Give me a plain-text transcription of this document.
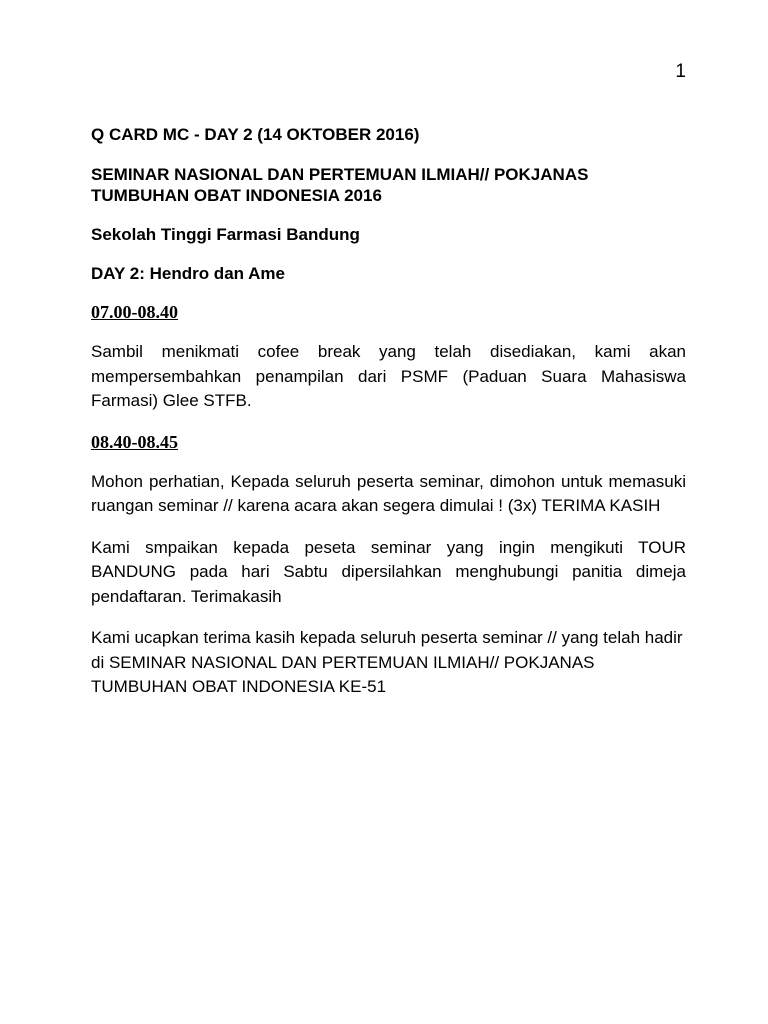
1

Q CARD MC - DAY 2 (14 OKTOBER 2016)

SEMINAR NASIONAL DAN PERTEMUAN ILMIAH// POKJANAS TUMBUHAN OBAT INDONESIA 2016

Sekolah Tinggi Farmasi Bandung

DAY 2: Hendro dan Ame

07.00-08.40

Sambil menikmati cofee break yang telah disediakan, kami akan mempersembahkan penampilan dari PSMF (Paduan Suara Mahasiswa Farmasi) Glee STFB.

08.40-08.45

Mohon perhatian, Kepada seluruh peserta seminar, dimohon untuk memasuki ruangan seminar // karena acara akan segera dimulai ! (3x) TERIMA KASIH

Kami smpaikan kepada peseta seminar yang ingin mengikuti TOUR BANDUNG pada hari Sabtu dipersilahkan menghubungi panitia dimeja pendaftaran. Terimakasih

Kami ucapkan terima kasih kepada seluruh peserta seminar // yang telah hadir di SEMINAR NASIONAL DAN PERTEMUAN ILMIAH// POKJANAS TUMBUHAN OBAT INDONESIA KE-51
